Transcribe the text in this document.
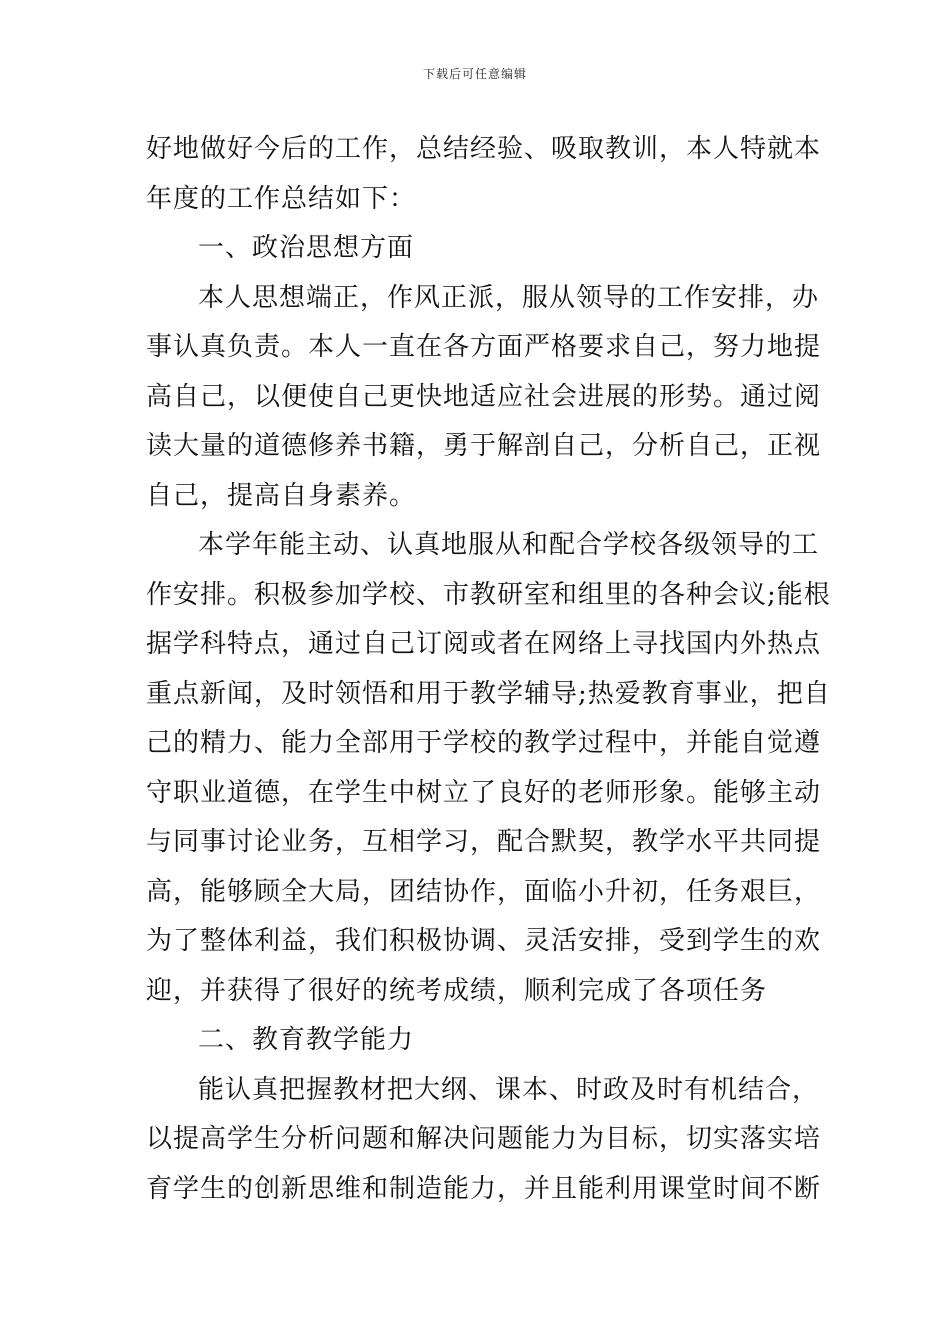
下载后可任意编辑
好地做好今后的工作，总结经验、吸取教训，本人特就本
年度的工作总结如下：
一、政治思想方面
本人思想端正，作风正派，服从领导的工作安排，办
事认真负责。本人一直在各方面严格要求自己，努力地提
高自己，以便使自己更快地适应社会进展的形势。通过阅
读大量的道德修养书籍，勇于解剖自己，分析自己，正视
自己，提高自身素养。
本学年能主动、认真地服从和配合学校各级领导的工
作安排。积极参加学校、市教研室和组里的各种会议;能根
据学科特点，通过自己订阅或者在网络上寻找国内外热点
重点新闻，及时领悟和用于教学辅导;热爱教育事业，把自
己的精力、能力全部用于学校的教学过程中，并能自觉遵
守职业道德，在学生中树立了良好的老师形象。能够主动
与同事讨论业务，互相学习，配合默契，教学水平共同提
高，能够顾全大局，团结协作，面临小升初，任务艰巨，
为了整体利益，我们积极协调、灵活安排，受到学生的欢
迎，并获得了很好的统考成绩，顺利完成了各项任务
二、教育教学能力
能认真把握教材把大纲、课本、时政及时有机结合，
以提高学生分析问题和解决问题能力为目标，切实落实培
育学生的创新思维和制造能力，并且能利用课堂时间不断
